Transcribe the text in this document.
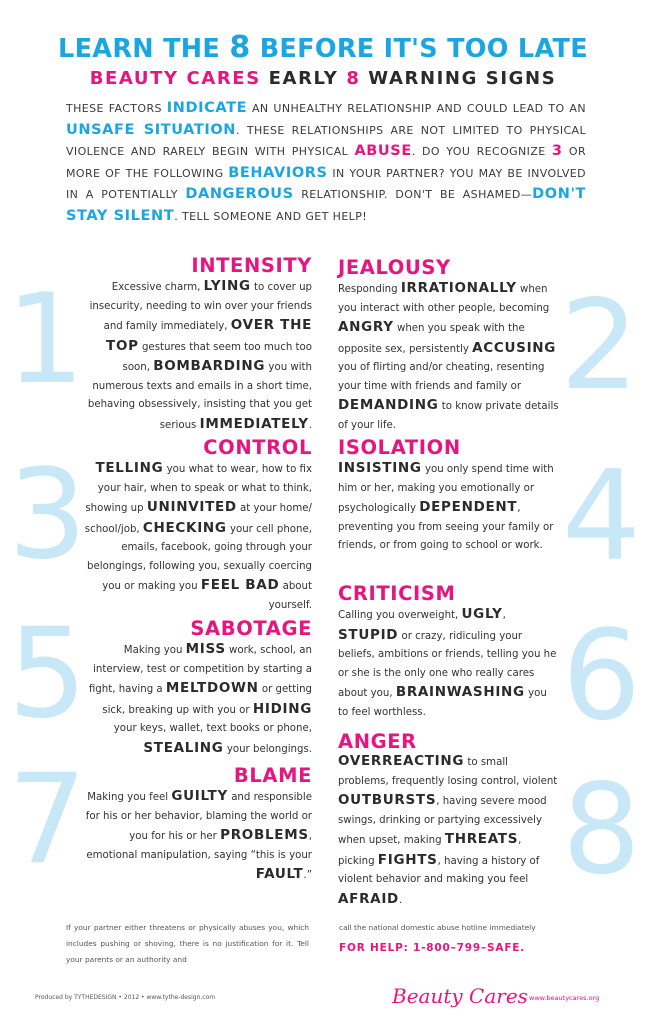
LEARN THE 8 BEFORE IT'S TOO LATE
BEAUTY CARES EARLY 8 WARNING SIGNS
THESE FACTORS INDICATE AN UNHEALTHY RELATIONSHIP AND COULD LEAD TO AN UNSAFE SITUATION. THESE RELATIONSHIPS ARE NOT LIMITED TO PHYSICAL VIOLENCE AND RARELY BEGIN WITH PHYSICAL ABUSE. DO YOU RECOGNIZE 3 OR MORE OF THE FOLLOWING BEHAVIORS IN YOUR PARTNER? YOU MAY BE INVOLVED IN A POTENTIALLY DANGEROUS RELATIONSHIP. DON'T BE ASHAMED—DON'T STAY SILENT. TELL SOMEONE AND GET HELP!
1	2
3	4
5	6
7	8
INTENSITY
Excessive charm, LYING to cover up insecurity, needing to win over your friends and family immediately, OVER THE TOP gestures that seem too much too soon, BOMBARDING you with numerous texts and emails in a short time, behaving obsessively, insisting that you get serious IMMEDIATELY.
JEALOUSY
Responding IRRATIONALLY when you interact with other people, becoming ANGRY when you speak with the opposite sex, persistently ACCUSING you of flirting and/or cheating, resenting your time with friends and family or DEMANDING to know private details of your life.
CONTROL
TELLING you what to wear, how to fix your hair, when to speak or what to think, showing up UNINVITED at your home/ school/job, CHECKING your cell phone, emails, facebook, going through your belongings, following you, sexually coercing you or making you FEEL BAD about yourself.
ISOLATION
INSISTING you only spend time with him or her, making you emotionally or psychologically DEPENDENT, preventing you from seeing your family or friends, or from going to school or work.
SABOTAGE
Making you MISS work, school, an interview, test or competition by starting a fight, having a MELTDOWN or getting sick, breaking up with you or HIDING your keys, wallet, text books or phone, STEALING your belongings.
CRITICISM
Calling you overweight, UGLY, STUPID or crazy, ridiculing your beliefs, ambitions or friends, telling you he or she is the only one who really cares about you, BRAINWASHING you to feel worthless.
BLAME
Making you feel GUILTY and responsible for his or her behavior, blaming the world or you for his or her PROBLEMS, emotional manipulation, saying “this is your FAULT.”
ANGER
OVERREACTING to small problems, frequently losing control, violent OUTBURSTS, having severe mood swings, drinking or partying excessively when upset, making THREATS, picking FIGHTS, having a history of violent behavior and making you feel AFRAID.
If your partner either threatens or physically abuses you, which includes pushing or shoving, there is no justification for it. Tell your parents or an authority and
call the national domestic abuse hotline immediately
FOR HELP: 1-800–799–SAFE.
Produced by TYTHEDESIGN • 2012 • www.tythe-design.com	Beauty Cares www.beautycares.org
